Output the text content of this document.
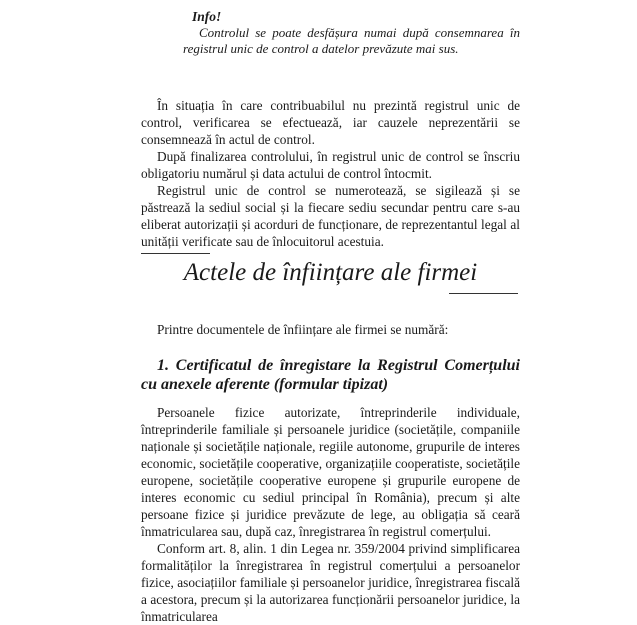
Info!
Controlul se poate desfășura numai după consemnarea în registrul unic de control a datelor prevăzute mai sus.

În situația în care contribuabilul nu prezintă registrul unic de control, verificarea se efectuează, iar cauzele neprezentării se consemnează în actul de control.

După finalizarea controlului, în registrul unic de control se înscriu obligatoriu numărul și data actului de control întocmit.

Registrul unic de control se numerotează, se sigilează și se păstrează la sediul social și la fiecare sediu secundar pentru care s-au eliberat autorizații și acorduri de funcționare, de reprezentantul legal al unității verificate sau de înlocuitorul acestuia.

Actele de înființare ale firmei

Printre documentele de înființare ale firmei se numără:

1. Certificatul de înregistare la Registrul Comerțului cu anexele aferente (formular tipizat)

Persoanele fizice autorizate, întreprinderile individuale, întreprinderile familiale și persoanele juridice (societățile, companiile naționale și societățile naționale, regiile autonome, grupurile de interes economic, societățile cooperative, organizațiile cooperatiste, societățile europene, societățile cooperative europene și grupurile europene de interes economic cu sediul principal în România), precum și alte persoane fizice și juridice prevăzute de lege, au obligația să ceară înmatricularea sau, după caz, înregistrarea în registrul comerțului.

Conform art. 8, alin. 1 din Legea nr. 359/2004 privind simplificarea formalităților la înregistrarea în registrul comerțului a persoanelor fizice, asociațiilor familiale și persoanelor juridice, înregistrarea fiscală a acestora, precum și la autorizarea funcționării persoanelor juridice, la înmatricularea
